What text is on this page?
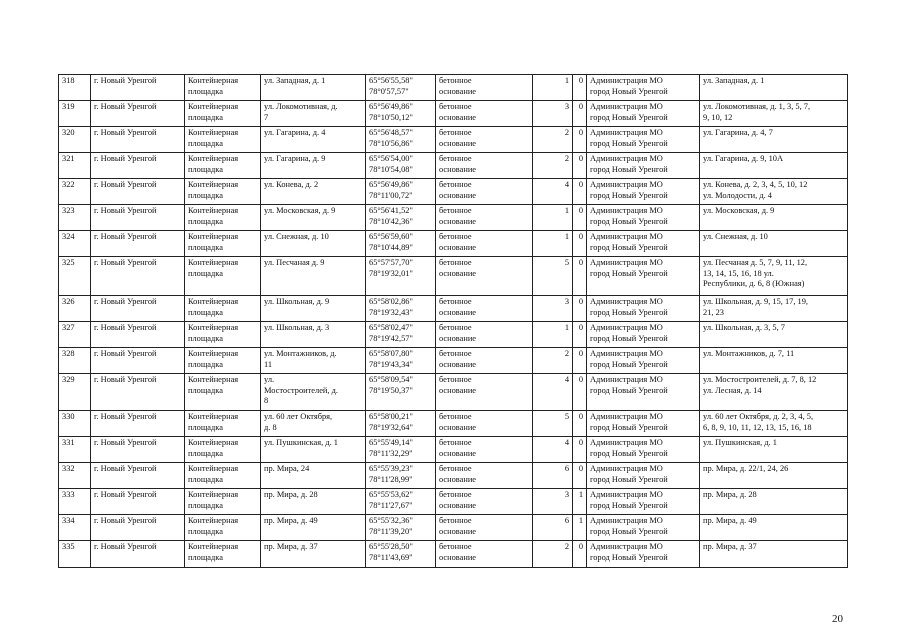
318	г. Новый Уренгой	Контейнерная
площадка	ул. Западная, д. 1	65°56'55,58"
78°0'57,57"	бетонное
основание	1	0	Администрация МО
город Новый Уренгой	ул. Западная, д. 1
319	г. Новый Уренгой	Контейнерная
площадка	ул. Локомотивная, д.
7	65°56'49,86"
78°10'50,12"	бетонное
основание	3	0	Администрация МО
город Новый Уренгой	ул. Локомотивная, д. 1, 3, 5, 7,
9, 10, 12
320	г. Новый Уренгой	Контейнерная
площадка	ул. Гагарина, д. 4	65°56'48,57"
78°10'56,86"	бетонное
основание	2	0	Администрация МО
город Новый Уренгой	ул. Гагарина, д. 4, 7
321	г. Новый Уренгой	Контейнерная
площадка	ул. Гагарина, д. 9	65°56'54,00"
78°10'54,08"	бетонное
основание	2	0	Администрация МО
город Новый Уренгой	ул. Гагарина, д. 9, 10А
322	г. Новый Уренгой	Контейнерная
площадка	ул. Конева, д. 2	65°56'49,86"
78°11'00,72"	бетонное
основание	4	0	Администрация МО
город Новый Уренгой	ул. Конева, д. 2, 3, 4, 5, 10, 12
ул. Молодости, д. 4
323	г. Новый Уренгой	Контейнерная
площадка	ул. Московская, д. 9	65°56'41,52"
78°10'42,36"	бетонное
основание	1	0	Администрация МО
город Новый Уренгой	ул. Московская, д. 9
324	г. Новый Уренгой	Контейнерная
площадка	ул. Снежная, д. 10	65°56'59,60"
78°10'44,89"	бетонное
основание	1	0	Администрация МО
город Новый Уренгой	ул. Снежная, д. 10
325	г. Новый Уренгой	Контейнерная
площадка	ул. Песчаная д. 9	65°57'57,70"
78°19'32,01"	бетонное
основание	5	0	Администрация МО
город Новый Уренгой	ул. Песчаная д. 5, 7, 9, 11, 12,
13, 14, 15, 16, 18 ул.
Республики, д. 6, 8 (Южная)
326	г. Новый Уренгой	Контейнерная
площадка	ул. Школьная, д. 9	65°58'02,86"
78°19'32,43"	бетонное
основание	3	0	Администрация МО
город Новый Уренгой	ул. Школьная, д. 9, 15, 17, 19,
21, 23
327	г. Новый Уренгой	Контейнерная
площадка	ул. Школьная, д. 3	65°58'02,47"
78°19'42,57"	бетонное
основание	1	0	Администрация МО
город Новый Уренгой	ул. Школьная, д. 3, 5, 7
328	г. Новый Уренгой	Контейнерная
площадка	ул. Монтажников, д.
11	65°58'07,80"
78°19'43,34"	бетонное
основание	2	0	Администрация МО
город Новый Уренгой	ул. Монтажников, д. 7, 11
329	г. Новый Уренгой	Контейнерная
площадка	ул.
Мостостроителей, д.
8	65°58'09,54"
78°19'50,37"	бетонное
основание	4	0	Администрация МО
город Новый Уренгой	ул. Мостостроителей, д. 7, 8, 12
ул. Лесная, д. 14
330	г. Новый Уренгой	Контейнерная
площадка	ул. 60 лет Октября,
д. 8	65°58'00,21"
78°19'32,64"	бетонное
основание	5	0	Администрация МО
город Новый Уренгой	ул. 60 лет Октября, д. 2, 3, 4, 5,
6, 8, 9, 10, 11, 12, 13, 15, 16, 18
331	г. Новый Уренгой	Контейнерная
площадка	ул. Пушкинская, д. 1	65°55'49,14"
78°11'32,29"	бетонное
основание	4	0	Администрация МО
город Новый Уренгой	ул. Пушкинская, д. 1
332	г. Новый Уренгой	Контейнерная
площадка	пр. Мира, 24	65°55'39,23"
78°11'28,99"	бетонное
основание	6	0	Администрация МО
город Новый Уренгой	пр. Мира, д. 22/1, 24, 26
333	г. Новый Уренгой	Контейнерная
площадка	пр. Мира, д. 28	65°55'53,62"
78°11'27,67"	бетонное
основание	3	1	Администрация МО
город Новый Уренгой	пр. Мира, д. 28
334	г. Новый Уренгой	Контейнерная
площадка	пр. Мира, д. 49	65°55'32,36"
78°11'39,20"	бетонное
основание	6	1	Администрация МО
город Новый Уренгой	пр. Мира, д. 49
335	г. Новый Уренгой	Контейнерная
площадка	пр. Мира, д. 37	65°55'28,50"
78°11'43,69"	бетонное
основание	2	0	Администрация МО
город Новый Уренгой	пр. Мира, д. 37
20
